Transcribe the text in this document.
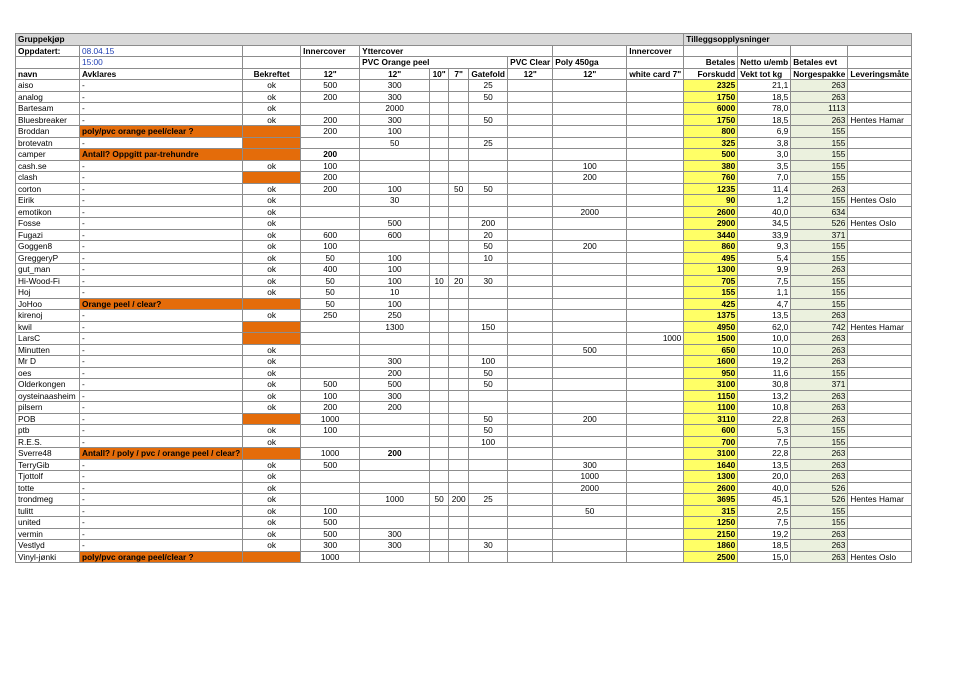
Gruppekjøp											Tilleggsopplysninger			
Oppdatert:	08.04.15		Innercover	Yttercover						Innercover				
	15:00			PVC Orange peel				PVC Clear	Poly 450ga		Betales	Netto u/emb	Betales evt	
navn	Avklares	Bekreftet	12"	12"	10"	7"	Gatefold	12"	12"	white card 7"	Forskudd	Vekt tot kg	Norgespakke	Leveringsmåte
aiso	-	ok	500	300			25				2325	21,1	263	
analog	-	ok	200	300			50				1750	18,5	263	
Bartesam	-	ok		2000							6000	78,0	1113	
Bluesbreaker	-	ok	200	300			50				1750	18,5	263	Hentes Hamar
Broddan	poly/pvc orange peel/clear ?		200	100							800	6,9	155	
brotevatn	-			50			25				325	3,8	155	
camper	Antall? Oppgitt par-trehundre		200								500	3,0	155	
cash.se	-	ok	100						100		380	3,5	155	
clash	-		200						200		760	7,0	155	
corton	-	ok	200	100		50	50				1235	11,4	263	
Eirik	-	ok		30							90	1,2	155	Hentes Oslo
emotikon	-	ok							2000		2600	40,0	634	
Fosse	-	ok		500			200				2900	34,5	526	Hentes Oslo
Fugazi	-	ok	600	600			20				3440	33,9	371	
Goggen8	-	ok	100				50		200		860	9,3	155	
GreggeryP	-	ok	50	100			10				495	5,4	155	
gut_man	-	ok	400	100							1300	9,9	263	
Hi-Wood-Fi	-	ok	50	100	10	20	30				705	7,5	155	
Hoj	-	ok	50	10							155	1,1	155	
JoHoo	Orange peel / clear?		50	100							425	4,7	155	
kirenoj	-	ok	250	250							1375	13,5	263	
kwil	-			1300			150				4950	62,0	742	Hentes Hamar
LarsC	-									1000	1500	10,0	263	
Minutten	-	ok							500		650	10,0	263	
Mr D	-	ok		300			100				1600	19,2	263	
oes	-	ok		200			50				950	11,6	155	
Olderkongen	-	ok	500	500			50				3100	30,8	371	
oysteinaasheim	-	ok	100	300							1150	13,2	263	
pilsern	-	ok	200	200							1100	10,8	263	
POB	-		1000				50		200		3110	22,8	263	
ptb	-	ok	100				50				600	5,3	155	
R.E.S.	-	ok					100				700	7,5	155	
Sverre48	Antall? / poly / pvc / orange peel / clear?		1000	200							3100	22,8	263	
TerryGib	-	ok	500						300		1640	13,5	263	
Tjottolf	-	ok							1000		1300	20,0	263	
totte	-	ok							2000		2600	40,0	526	
trondmeg	-	ok		1000	50	200	25				3695	45,1	526	Hentes Hamar
tulitt	-	ok	100						50		315	2,5	155	
united	-	ok	500								1250	7,5	155	
vermin	-	ok	500	300							2150	19,2	263	
Vestlyd	-	ok	300	300			30				1860	18,5	263	
Vinyl-jønki	poly/pvc orange peel/clear ?		1000								2500	15,0	263	Hentes Oslo
